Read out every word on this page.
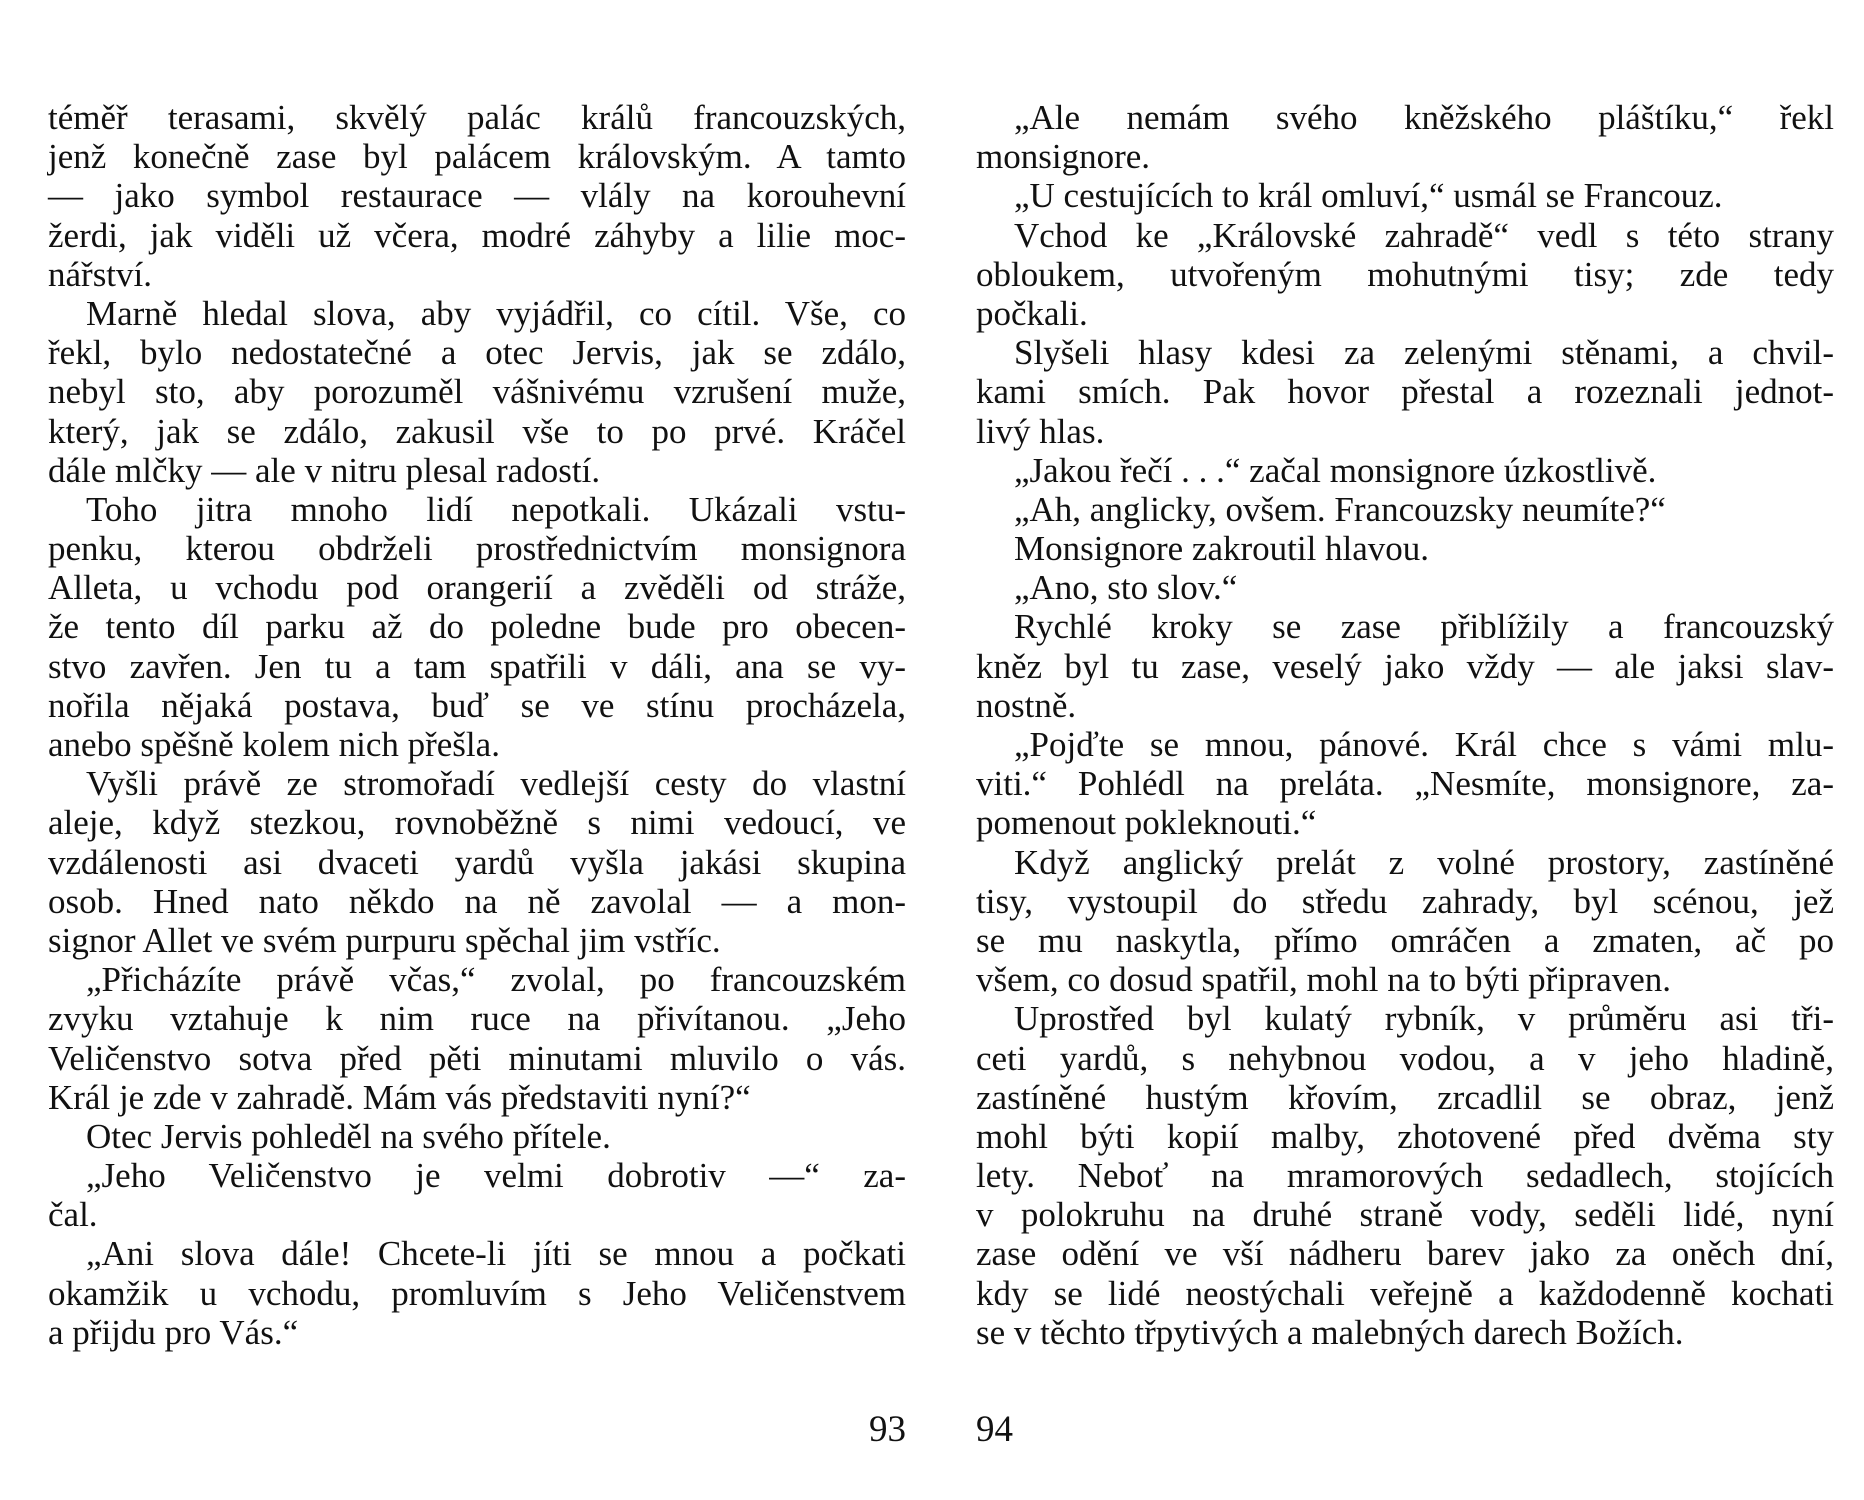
téměř terasami, skvělý palác králů francouzských,
jenž konečně zase byl palácem královským. A tamto
— jako symbol restaurace — vlály na korouhevní
žerdi, jak viděli už včera, modré záhyby a lilie moc-
nářství.
Marně hledal slova, aby vyjádřil, co cítil. Vše, co
řekl, bylo nedostatečné a otec Jervis, jak se zdálo,
nebyl sto, aby porozuměl vášnivému vzrušení muže,
který, jak se zdálo, zakusil vše to po prvé. Kráčel
dále mlčky — ale v nitru plesal radostí.
Toho jitra mnoho lidí nepotkali. Ukázali vstu-
penku, kterou obdrželi prostřednictvím monsignora
Alleta, u vchodu pod orangerií a zvěděli od stráže,
že tento díl parku až do poledne bude pro obecen-
stvo zavřen. Jen tu a tam spatřili v dáli, ana se vy-
nořila nějaká postava, buď se ve stínu procházela,
anebo spěšně kolem nich přešla.
Vyšli právě ze stromořadí vedlejší cesty do vlastní
aleje, když stezkou, rovnoběžně s nimi vedoucí, ve
vzdálenosti asi dvaceti yardů vyšla jakási skupina
osob. Hned nato někdo na ně zavolal — a mon-
signor Allet ve svém purpuru spěchal jim vstříc.
„Přicházíte právě včas,“ zvolal, po francouzském
zvyku vztahuje k nim ruce na přivítanou. „Jeho
Veličenstvo sotva před pěti minutami mluvilo o vás.
Král je zde v zahradě. Mám vás představiti nyní?“
Otec Jervis pohleděl na svého přítele.
„Jeho Veličenstvo je velmi dobrotiv —“ za-
čal.
„Ani slova dále! Chcete-li jíti se mnou a počkati
okamžik u vchodu, promluvím s Jeho Veličenstvem
a přijdu pro Vás.“
93
„Ale nemám svého kněžského pláštíku,“ řekl
monsignore.
„U cestujících to král omluví,“ usmál se Francouz.
Vchod ke „Královské zahradě“ vedl s této strany
obloukem, utvořeným mohutnými tisy; zde tedy
počkali.
Slyšeli hlasy kdesi za zelenými stěnami, a chvil-
kami smích. Pak hovor přestal a rozeznali jednot-
livý hlas.
„Jakou řečí . . .“ začal monsignore úzkostlivě.
„Ah, anglicky, ovšem. Francouzsky neumíte?“
Monsignore zakroutil hlavou.
„Ano, sto slov.“
Rychlé kroky se zase přiblížily a francouzský
kněz byl tu zase, veselý jako vždy — ale jaksi slav-
nostně.
„Pojďte se mnou, pánové. Král chce s vámi mlu-
viti.“ Pohlédl na preláta. „Nesmíte, monsignore, za-
pomenout pokleknouti.“
Když anglický prelát z volné prostory, zastíněné
tisy, vystoupil do středu zahrady, byl scénou, jež
se mu naskytla, přímo omráčen a zmaten, ač po
všem, co dosud spatřil, mohl na to býti připraven.
Uprostřed byl kulatý rybník, v průměru asi tři-
ceti yardů, s nehybnou vodou, a v jeho hladině,
zastíněné hustým křovím, zrcadlil se obraz, jenž
mohl býti kopií malby, zhotovené před dvěma sty
lety. Neboť na mramorových sedadlech, stojících
v polokruhu na druhé straně vody, seděli lidé, nyní
zase odění ve vší nádheru barev jako za oněch dní,
kdy se lidé neostýchali veřejně a každodenně kochati
se v těchto třpytivých a malebných darech Božích.
94
